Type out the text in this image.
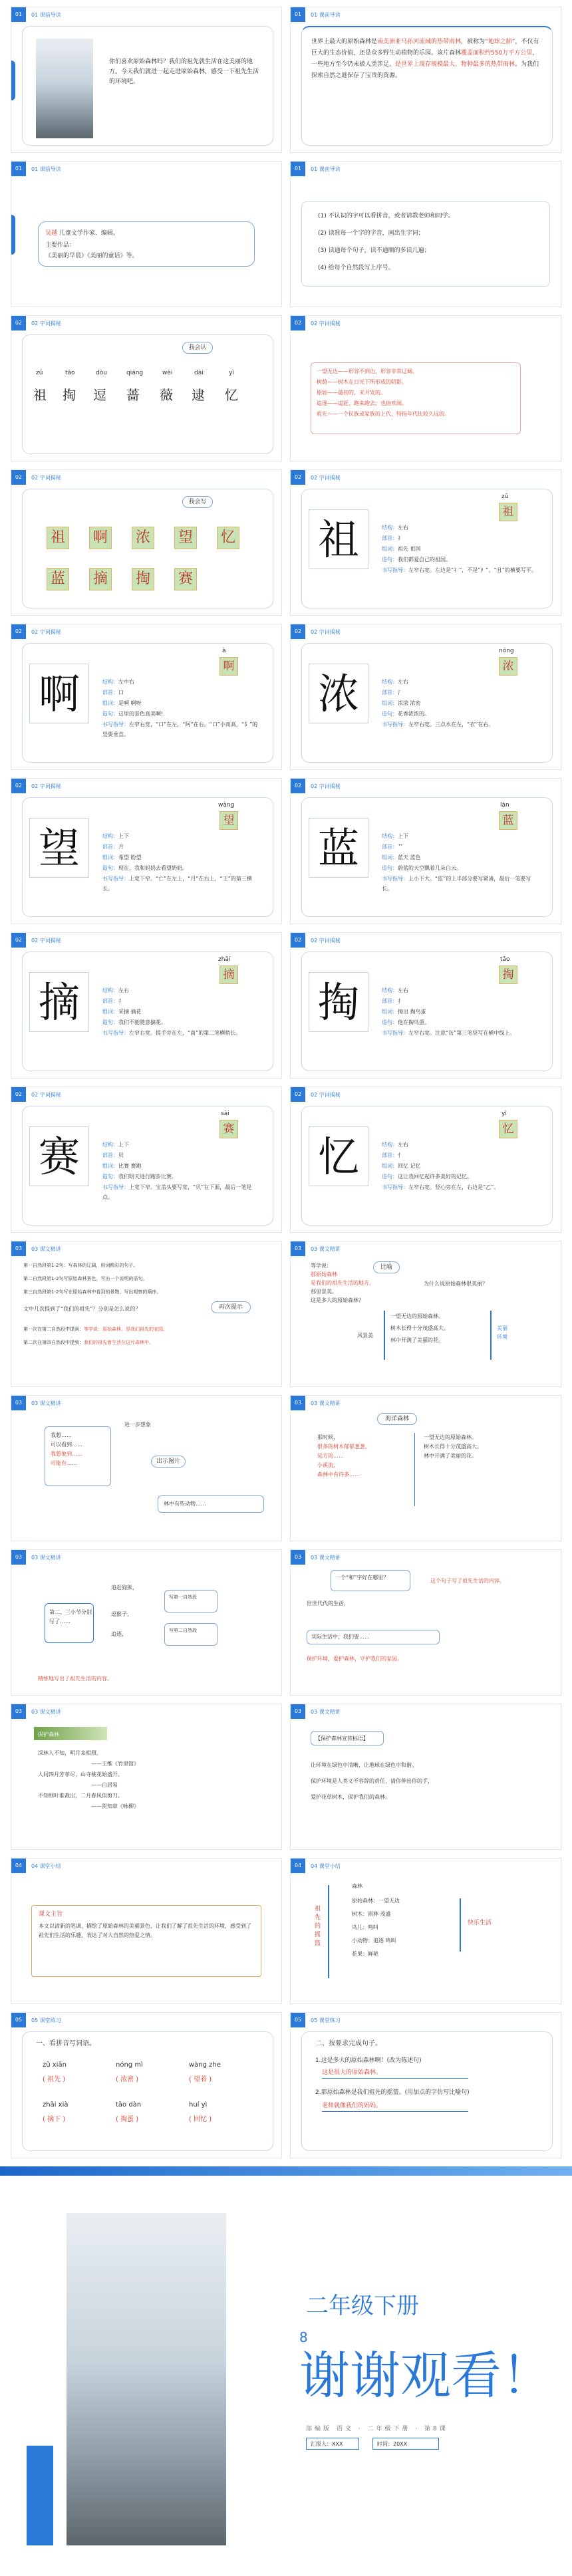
01	01 课前导读
你们喜欢原始森林吗？我们的祖先就生活在这美丽的地方。今天我们就进一起走进原始森林，感受一下祖先生活的环境吧。
01	01 课前导读
世界上最大的原始森林是南美洲亚马孙河流域的热带雨林，被称为“地球之肺”，不仅有巨大的生态价值，还是众多野生动植物的乐园。该片森林覆盖面积约550万平方公里，一些地方至今仍未被人类涉足，是世界上现存规模最大、物种最多的热带雨林。为我们探索自然之谜保存了宝贵的资源。
01	01 课前导读
吴越 儿童文学作家、编辑。
主要作品：
《美丽的早晨》《美丽的童话》等。
01	01 课前导读
(1) 不认识的字可以看拼音，或者请教老师和同学。
(2) 读准每一个字的字音，画出生字词；
(3) 读通每个句子，读不通顺的多读几遍；
(4) 给每个自然段写上序号。
02	02 字词揭秘
我会认
zǔ	tāo	dòu	qiáng	wèi	dài	yì
祖 掏 逗 蔷 薇 逮 忆
02	02 字词揭秘
一望无边——形容不到边，形容非常辽阔。
树荫——树木在日光下所形成的阴影。
原始——最初的，未开发的。
追逐——追赶，跑来跑去。也指欢闹。
祖先——一个民族或家族的上代，特指年代比较久远的。
02	02 字词揭秘
我会写
祖 啊 浓 望 忆
蓝 摘 掏 赛
02	02 字词揭秘
祖
zǔ
祖
结构：左右
部首：礻
组词：祖先 祖国
造句：我们都爱自己的祖国。
书写指导：左窄右宽。左边是“礻”，不是“衤”。“且”的横要写平。
02	02 字词揭秘
啊
à
啊
结构：左中右
部首：口
组词：是啊 啊呀
造句：这里的景色真美啊!
书写指导：左窄右宽，“口”在左，“阿”在右。“口”小而高，“阝”的竖要垂直。
02	02 字词揭秘
浓
nóng
浓
结构：左右
部首：氵
组词：浓浓 浓密
造句：花香浓浓的。
书写指导：左窄右宽。三点水在左，“衣”在右。
02	02 字词揭秘
望
wàng
望
结构：上下
部首：月
组词：希望 盼望
造句：现在，我和妈妈去看望奶奶。
书写指导：上宽下窄。“亡”在左上，“月”在右上，“王”的第三横长。
02	02 字词揭秘
蓝
lán
蓝
结构：上下
部首：艹
组词：蓝天 蓝色
造句：蔚蓝的天空飘着几朵白云。
书写指导：上小下大。“监”的上半部分要写紧凑，最后一笔要写长。
02	02 字词揭秘
摘
zhāi
摘
结构：左右
部首：扌
组词：采摘 摘花
造句：我们不能随意摘花。
书写指导：左窄右宽。提手旁在左，“啇”的第二笔横稍长。
02	02 字词揭秘
掏
tāo
掏
结构：左右
部首：扌
组词：掏出 掏鸟蛋
造句：他在掏鸟蛋。
书写指导：左窄右宽。注意“缶”第三笔竖写在横中线上。
02	02 字词揭秘
赛
sài
赛
结构：上下
部首：贝
组词：比赛 赛跑
造句：我们明天进行跑步比赛。
书写指导：上宽下窄。宝盖头要写宽，“贝”在下面，最后一笔是点。
02	02 字词揭秘
忆
yì
忆
结构：左右
部首：忄
组词：回忆 记忆
造句：这让我回忆起许多美好的记忆。
书写指导：左窄右宽。竖心旁在左，右边是“乙”。
03	03 课文精讲
第一自然段第1-2句：写森林的辽阔，用词精彩的句子。
第二自然段第1-2句写原始森林景色，写出一个说明的语句。
第三自然段第1-2句写在原始森林中看到的景物，写出观察的顺序。
文中几次提到了“我们的祖先”？分别是怎么说的？	再次提示
第一次在第二自然段中提到：等学说：原始森林，是我们祖先的家园。
第二次在第四自然段中提到：我们的祖先曾生活在这片森林中。
03	03 课文精讲
等学说：
那原始森林
是我们的祖先生活的地方。
那里景美。
这是多大的原始森林？
比喻
为什么说原始森林很美丽？
风景美
一望无边的原始森林。
树木长得十分茂盛高大。
林中开满了美丽的花。
美丽
环境
03	03 课文精讲
我想……
可以看到……
我想象到……
可能有……
进一步想象
出示图片
林中有些动物……
03	03 课文精讲
海洋森林
那时候，
很多的树木郁郁葱葱，
远方的……
小溪流，
森林中有许多……
一望无边的原始森林。
树木长得十分茂盛高大。
林中开满了美丽的花。
03	03 课文精讲
第二、三小节分别写了……
追赶狗熊，
逗猴子，
追逐，
写第一自然段
写第二自然段
精练地写出了祖先生活的内容。
03	03 课文精讲
一个“和”字好在哪里？
世世代代的生活，
这个句子写了祖先生活的内容。
实际生活中，我们要……
保护环境，爱护森林，守护我们的家园。
03	03 课文精讲
保护森林
深林人不知，明月来相照。
——王维《竹里馆》
人间四月芳菲尽，山寺桃花始盛开。
——白居易
不知细叶谁裁出，二月春风似剪刀。
——贺知章《咏柳》
03	03 课文精讲
【保护森林宣传标语】
让环境在绿色中清晰，让地球在绿色中和谐。
保护环境是人类义不容辞的责任，请你伸出你的手，
爱护花草树木，保护我们的森林。
04	04 课堂小结
课文主旨
本文以清新的笔调，描绘了原始森林的美丽景色，让我们了解了祖先生活的环境，感受到了祖先们生活的乐趣，表达了对大自然的热爱之情。
04	04 课堂小结
祖先的摇篮
森林
原始森林：一望无边
树木：雨林 茂盛
鸟儿：鸣叫
小动物：追逐 鸣叫
花果：鲜艳
快乐生活
05	05 课堂练习
一、看拼音写词语。
zǔ xiān	nóng mì	wàng zhe
( 祖先 )	( 浓密 )	( 望着 )
zhāi xià	tāo dàn	huí yì
( 摘下 )	( 掏蛋 )	( 回忆 )
05	05 课堂练习
二、按要求完成句子。
1.这是多大的原始森林啊！(改为陈述句)
这是很大的原始森林。
2.那原始森林是我们祖先的摇篮。(用加点的字仿写比喻句)
老师就像我们的妈妈。
二年级下册
8
谢谢观看！
部编版 语文 · 二年级下册 · 第8课
汇报人：XXX	时间：20XX
